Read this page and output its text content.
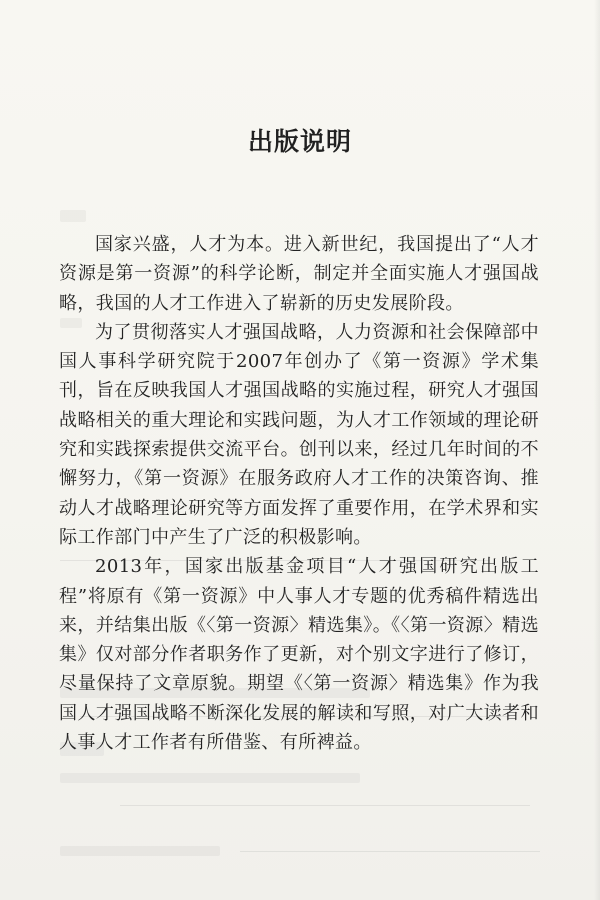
出版说明

国家兴盛，人才为本。进入新世纪，我国提出了“人才资源是第一资源”的科学论断，制定并全面实施人才强国战略，我国的人才工作进入了崭新的历史发展阶段。

为了贯彻落实人才强国战略，人力资源和社会保障部中国人事科学研究院于2007年创办了《第一资源》学术集刊，旨在反映我国人才强国战略的实施过程，研究人才强国战略相关的重大理论和实践问题，为人才工作领域的理论研究和实践探索提供交流平台。创刊以来，经过几年时间的不懈努力，《第一资源》在服务政府人才工作的决策咨询、推动人才战略理论研究等方面发挥了重要作用，在学术界和实际工作部门中产生了广泛的积极影响。

2013年，国家出版基金项目“人才强国研究出版工程”将原有《第一资源》中人事人才专题的优秀稿件精选出来，并结集出版《〈第一资源〉精选集》。《〈第一资源〉精选集》仅对部分作者职务作了更新，对个别文字进行了修订，尽量保持了文章原貌。期望《〈第一资源〉精选集》作为我国人才强国战略不断深化发展的解读和写照，对广大读者和人事人才工作者有所借鉴、有所裨益。
